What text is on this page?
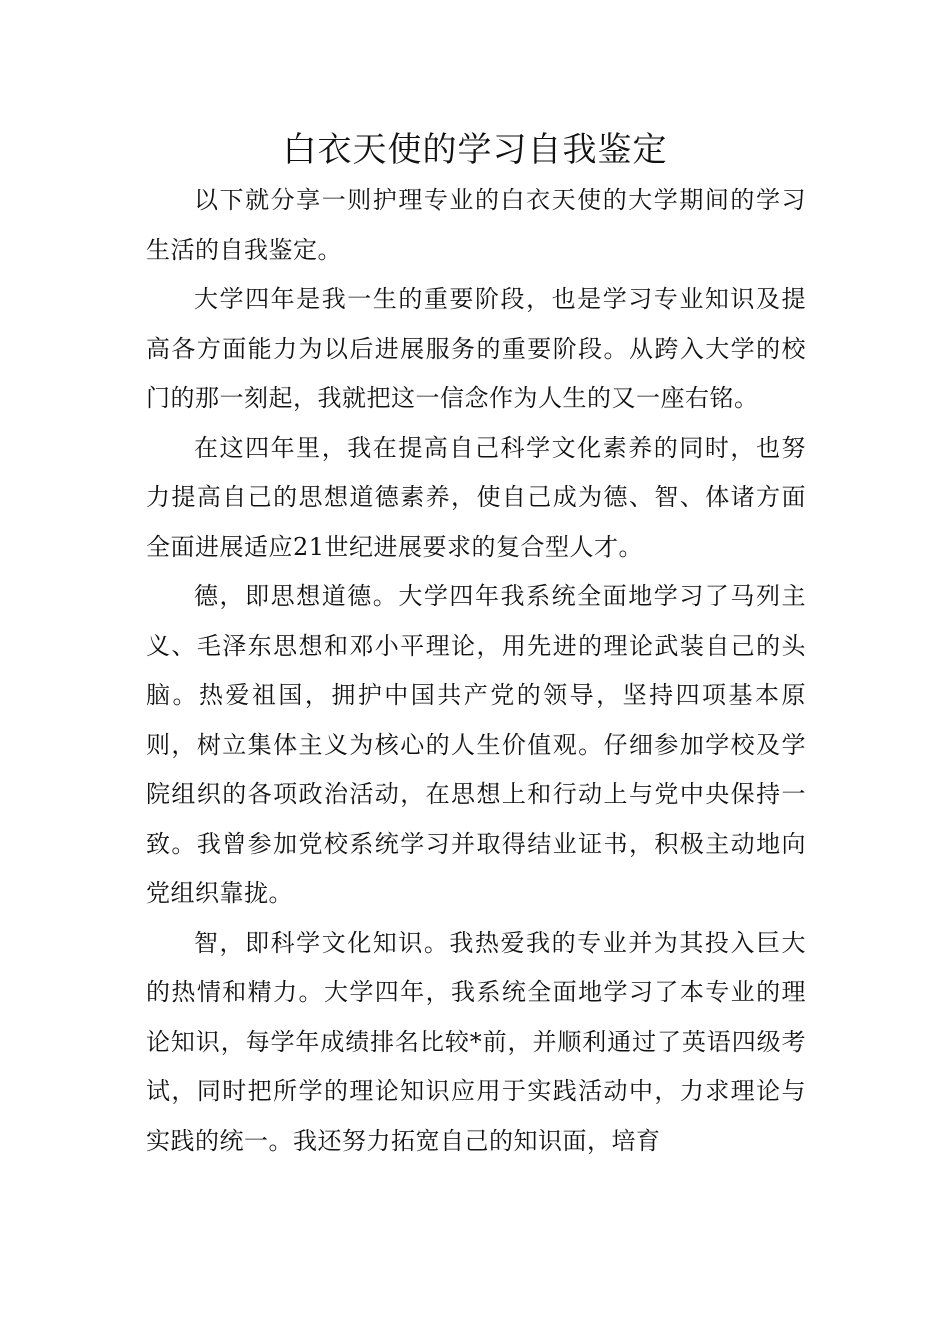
白衣天使的学习自我鉴定

以下就分享一则护理专业的白衣天使的大学期间的学习生活的自我鉴定。

大学四年是我一生的重要阶段，也是学习专业知识及提高各方面能力为以后进展服务的重要阶段。从跨入大学的校门的那一刻起，我就把这一信念作为人生的又一座右铭。

在这四年里，我在提高自己科学文化素养的同时，也努力提高自己的思想道德素养，使自己成为德、智、体诸方面全面进展适应21世纪进展要求的复合型人才。

德，即思想道德。大学四年我系统全面地学习了马列主义、毛泽东思想和邓小平理论，用先进的理论武装自己的头脑。热爱祖国，拥护中国共产党的领导，坚持四项基本原则，树立集体主义为核心的人生价值观。仔细参加学校及学院组织的各项政治活动，在思想上和行动上与党中央保持一致。我曾参加党校系统学习并取得结业证书，积极主动地向党组织靠拢。

智，即科学文化知识。我热爱我的专业并为其投入巨大的热情和精力。大学四年，我系统全面地学习了本专业的理论知识，每学年成绩排名比较*前，并顺利通过了英语四级考试，同时把所学的理论知识应用于实践活动中，力求理论与实践的统一。我还努力拓宽自己的知识面，培育
